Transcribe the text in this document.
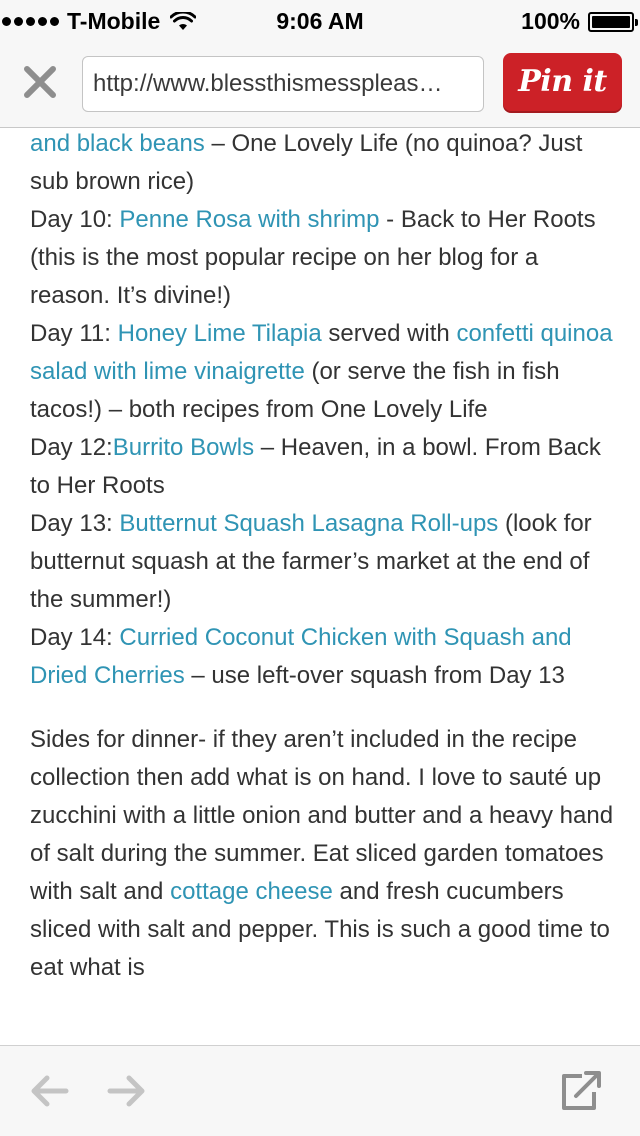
T-Mobile	9:06 AM	100%
http://www.blessthismesspleas…	Pin it
and black beans – One Lovely Life (no quinoa? Just sub brown rice)
Day 10: Penne Rosa with shrimp - Back to Her Roots (this is the most popular recipe on her blog for a reason. It’s divine!)
Day 11: Honey Lime Tilapia served with confetti quinoa salad with lime vinaigrette (or serve the fish in fish tacos!) – both recipes from One Lovely Life
Day 12:Burrito Bowls – Heaven, in a bowl. From Back to Her Roots
Day 13: Butternut Squash Lasagna Roll-ups (look for butternut squash at the farmer’s market at the end of the summer!)
Day 14: Curried Coconut Chicken with Squash and Dried Cherries – use left-over squash from Day 13

Sides for dinner- if they aren’t included in the recipe collection then add what is on hand. I love to sauté up zucchini with a little onion and butter and a heavy hand of salt during the summer. Eat sliced garden tomatoes with salt and cottage cheese and fresh cucumbers sliced with salt and pepper. This is such a good time to eat what is
